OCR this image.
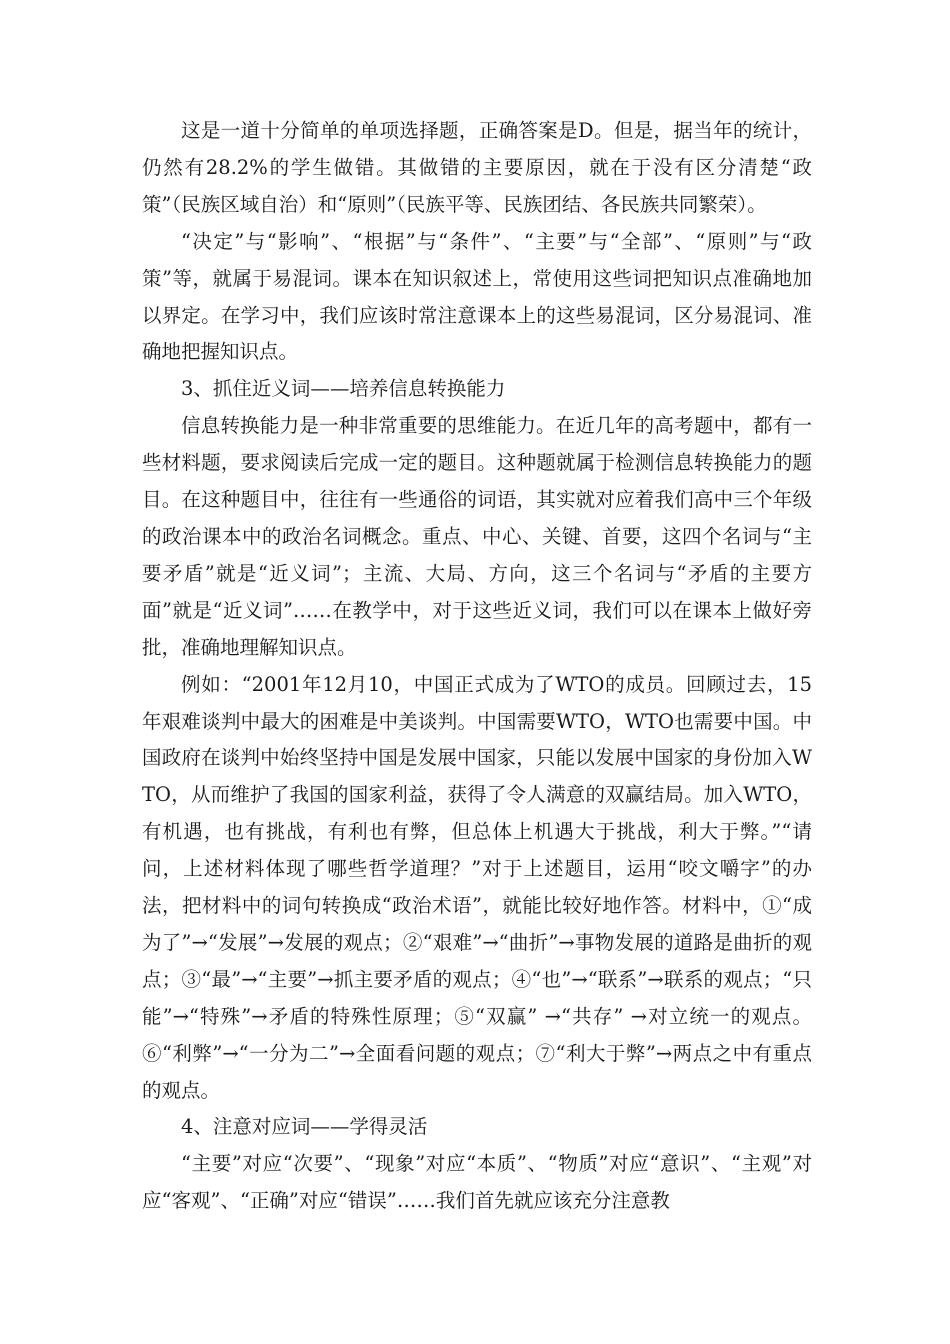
这是一道十分简单的单项选择题，正确答案是D。但是，据当年的统计，仍然有28.2%的学生做错。其做错的主要原因，就在于没有区分清楚“政策”（民族区域自治）和“原则”（民族平等、民族团结、各民族共同繁荣）。

“决定”与“影响”、“根据”与“条件”、“主要”与“全部”、“原则”与“政策”等，就属于易混词。课本在知识叙述上，常使用这些词把知识点准确地加以界定。在学习中，我们应该时常注意课本上的这些易混词，区分易混词、准确地把握知识点。

3、抓住近义词——培养信息转换能力

信息转换能力是一种非常重要的思维能力。在近几年的高考题中，都有一些材料题，要求阅读后完成一定的题目。这种题就属于检测信息转换能力的题目。在这种题目中，往往有一些通俗的词语，其实就对应着我们高中三个年级的政治课本中的政治名词概念。重点、中心、关键、首要，这四个名词与“主要矛盾”就是“近义词”；主流、大局、方向，这三个名词与“矛盾的主要方面”就是“近义词”……在教学中，对于这些近义词，我们可以在课本上做好旁批，准确地理解知识点。

例如：“2001年12月10，中国正式成为了WTO的成员。回顾过去，15年艰难谈判中最大的困难是中美谈判。中国需要WTO，WTO也需要中国。中国政府在谈判中始终坚持中国是发展中国家，只能以发展中国家的身份加入WTO，从而维护了我国的国家利益，获得了令人满意的双赢结局。加入WTO，有机遇，也有挑战，有利也有弊，但总体上机遇大于挑战，利大于弊。”“请问，上述材料体现了哪些哲学道理？”对于上述题目，运用“咬文嚼字”的办法，把材料中的词句转换成“政治术语”，就能比较好地作答。材料中，①“成为了”→“发展”→发展的观点；②“艰难”→“曲折”→事物发展的道路是曲折的观点；③“最”→“主要”→抓主要矛盾的观点；④“也”→“联系”→联系的观点；“只能”→“特殊”→矛盾的特殊性原理；⑤“双赢” →“共存” →对立统一的观点。⑥“利弊”→“一分为二”→全面看问题的观点；⑦“利大于弊”→两点之中有重点的观点。

4、注意对应词——学得灵活

“主要”对应“次要”、“现象”对应“本质”、“物质”对应“意识”、“主观”对应“客观”、“正确”对应“错误”……我们首先就应该充分注意教
